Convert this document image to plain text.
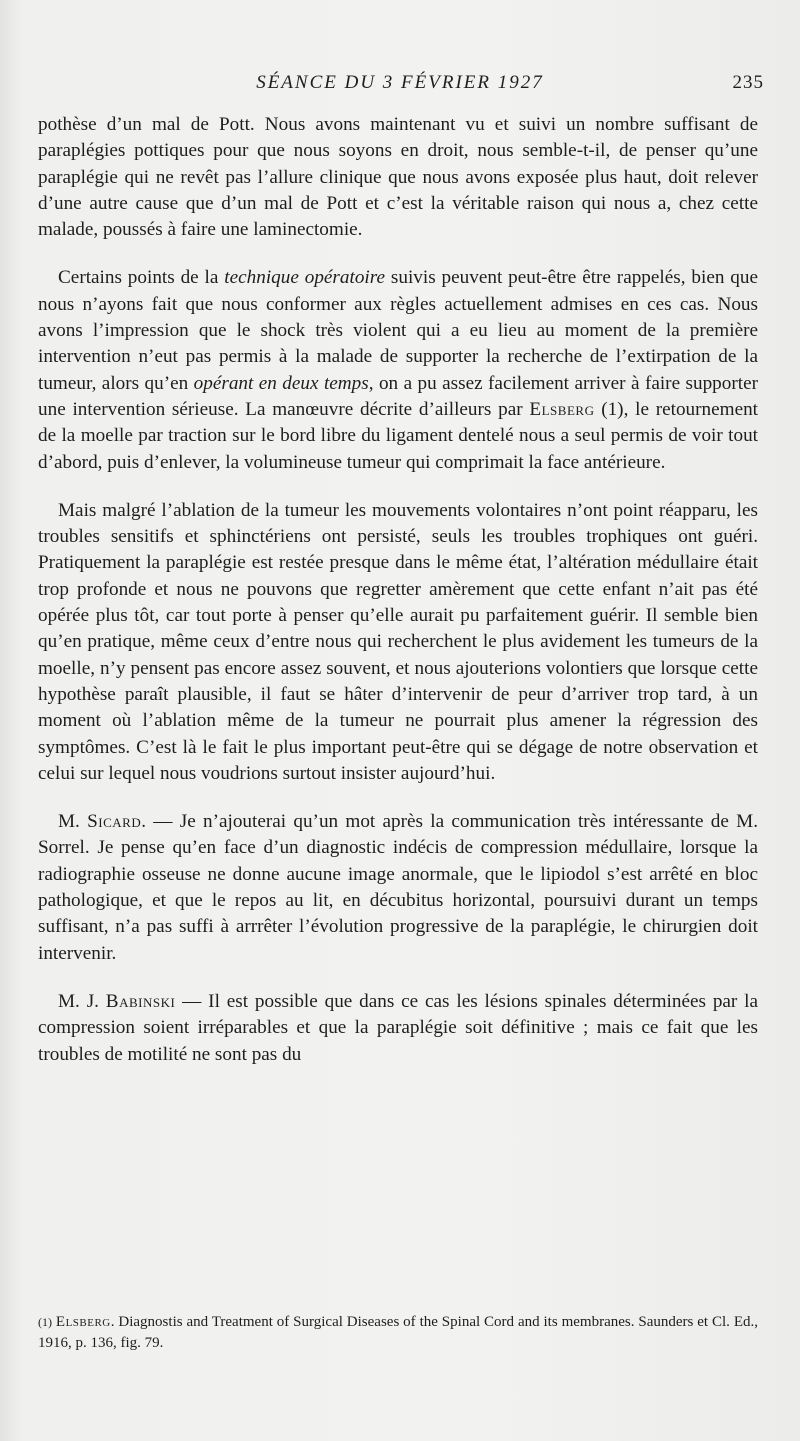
SÉANCE DU 3 FÉVRIER 1927	235

pothèse d’un mal de Pott. Nous avons maintenant vu et suivi un nombre suffisant de paraplégies pottiques pour que nous soyons en droit, nous semble-t-il, de penser qu’une paraplégie qui ne revêt pas l’allure clinique que nous avons exposée plus haut, doit relever d’une autre cause que d’un mal de Pott et c’est la véritable raison qui nous a, chez cette malade, poussés à faire une laminectomie.

Certains points de la technique opératoire suivis peuvent peut-être être rappelés, bien que nous n’ayons fait que nous conformer aux règles actuellement admises en ces cas. Nous avons l’impression que le shock très violent qui a eu lieu au moment de la première intervention n’eut pas permis à la malade de supporter la recherche de l’extirpation de la tumeur, alors qu’en opérant en deux temps, on a pu assez facilement arriver à faire supporter une intervention sérieuse. La manœuvre décrite d’ailleurs par Elsberg (1), le retournement de la moelle par traction sur le bord libre du ligament dentelé nous a seul permis de voir tout d’abord, puis d’enlever, la volumineuse tumeur qui comprimait la face antérieure.

Mais malgré l’ablation de la tumeur les mouvements volontaires n’ont point réapparu, les troubles sensitifs et sphinctériens ont persisté, seuls les troubles trophiques ont guéri. Pratiquement la paraplégie est restée presque dans le même état, l’altération médullaire était trop profonde et nous ne pouvons que regretter amèrement que cette enfant n’ait pas été opérée plus tôt, car tout porte à penser qu’elle aurait pu parfaitement guérir. Il semble bien qu’en pratique, même ceux d’entre nous qui recherchent le plus avidement les tumeurs de la moelle, n’y pensent pas encore assez souvent, et nous ajouterions volontiers que lorsque cette hypothèse paraît plausible, il faut se hâter d’intervenir de peur d’arriver trop tard, à un moment où l’ablation même de la tumeur ne pourrait plus amener la régression des symptômes. C’est là le fait le plus important peut-être qui se dégage de notre observation et celui sur lequel nous voudrions surtout insister aujourd’hui.

M. Sicard. — Je n’ajouterai qu’un mot après la communication très intéressante de M. Sorrel. Je pense qu’en face d’un diagnostic indécis de compression médullaire, lorsque la radiographie osseuse ne donne aucune image anormale, que le lipiodol s’est arrêté en bloc pathologique, et que le repos au lit, en décubitus horizontal, poursuivi durant un temps suffisant, n’a pas suffi à arrrêter l’évolution progressive de la paraplégie, le chirurgien doit intervenir.

M. J. Babinski — Il est possible que dans ce cas les lésions spinales déterminées par la compression soient irréparables et que la paraplégie soit définitive ; mais ce fait que les troubles de motilité ne sont pas du

$^{(1)}$ Elsberg. Diagnostis and Treatment of Surgical Diseases of the Spinal Cord and its membranes. Saunders et Cl. Ed., 1916, p. 136, fig. 79.
